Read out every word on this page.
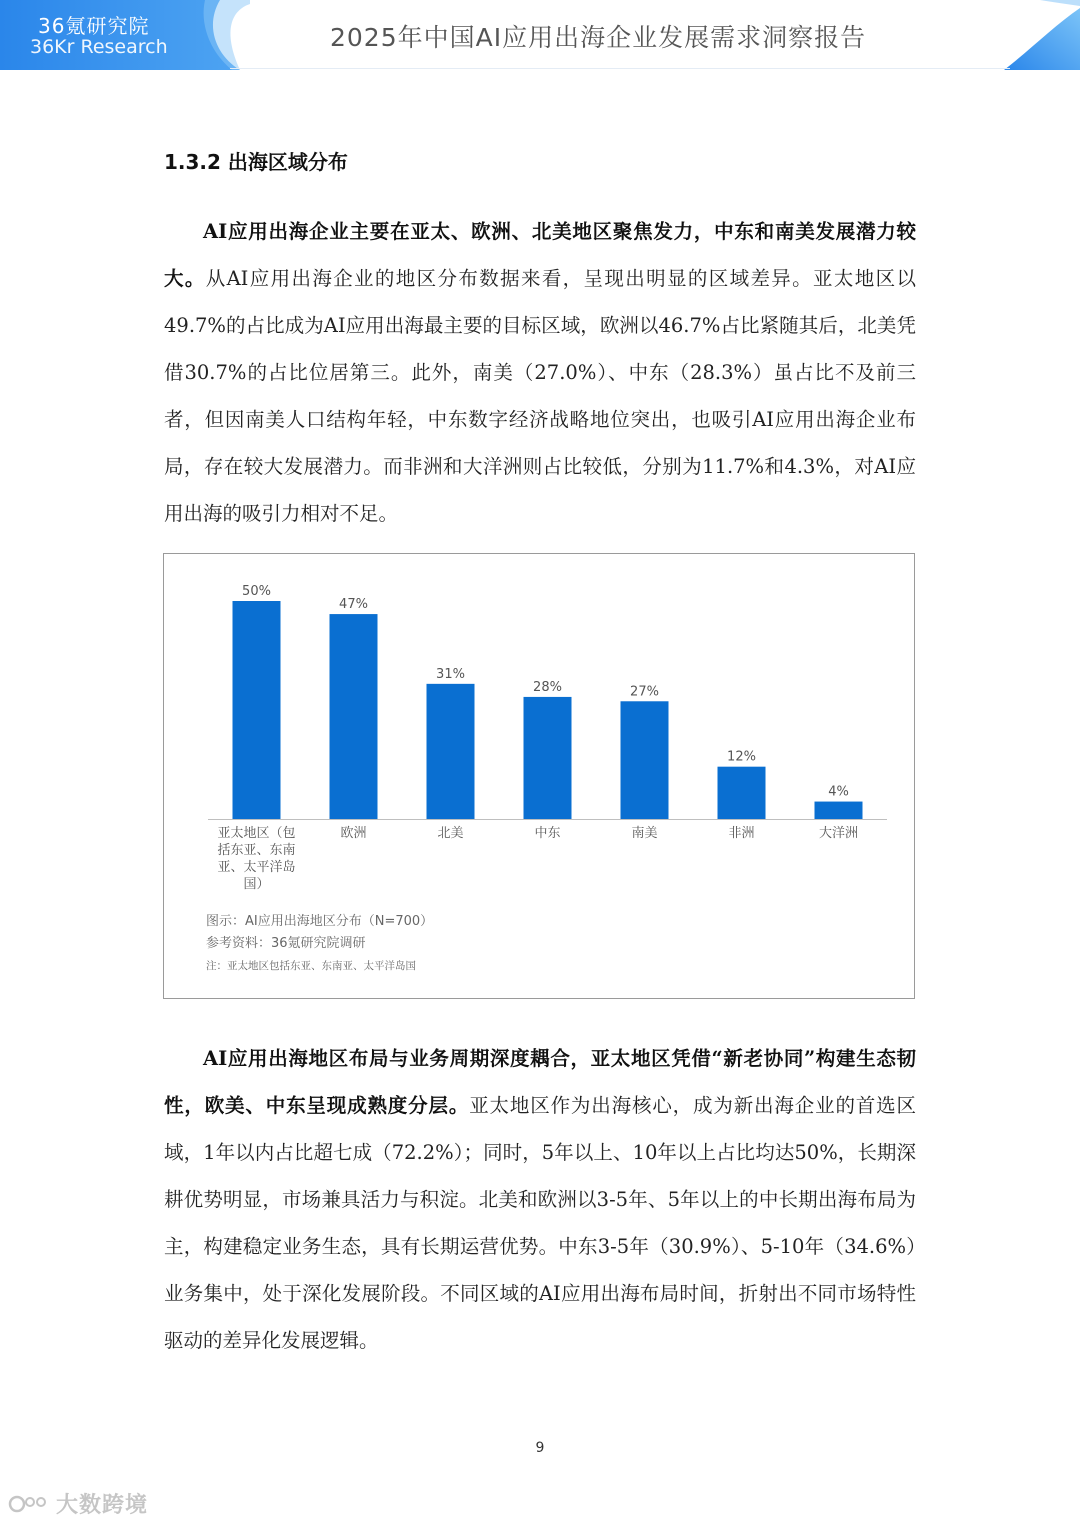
36氪研究院
36Kr Research	2025年中国AI应用出海企业发展需求洞察报告
1.3.2 出海区域分布

AI应用出海企业主要在亚太、欧洲、北美地区聚焦发力，中东和南美发展潜力较大。从AI应用出海企业的地区分布数据来看，呈现出明显的区域差异。亚太地区以49.7%的占比成为AI应用出海最主要的目标区域，欧洲以46.7%占比紧随其后，北美凭借30.7%的占比位居第三。此外，南美（27.0%）、中东（28.3%）虽占比不及前三者，但因南美人口结构年轻，中东数字经济战略地位突出，也吸引AI应用出海企业布局，存在较大发展潜力。而非洲和大洋洲则占比较低，分别为11.7%和4.3%，对AI应用出海的吸引力相对不足。

50%
亚太地区（包
括东亚、东南
亚、太平洋岛
国）
47%
欧洲
31%
北美
28%
中东
27%
南美
12%
非洲
4%
大洋洲
图示：AI应用出海地区分布（N=700）
参考资料：36氪研究院调研
注：亚太地区包括东亚、东南亚、太平洋岛国

AI应用出海地区布局与业务周期深度耦合，亚太地区凭借“新老协同”构建生态韧性，欧美、中东呈现成熟度分层。亚太地区作为出海核心，成为新出海企业的首选区域，1年以内占比超七成（72.2%）；同时，5年以上、10年以上占比均达50%，长期深耕优势明显，市场兼具活力与积淀。北美和欧洲以3-5年、5年以上的中长期出海布局为主，构建稳定业务生态，具有长期运营优势。中东3-5年（30.9%）、5-10年（34.6%）业务集中，处于深化发展阶段。不同区域的AI应用出海布局时间，折射出不同市场特性驱动的差异化发展逻辑。

9
大数跨境
